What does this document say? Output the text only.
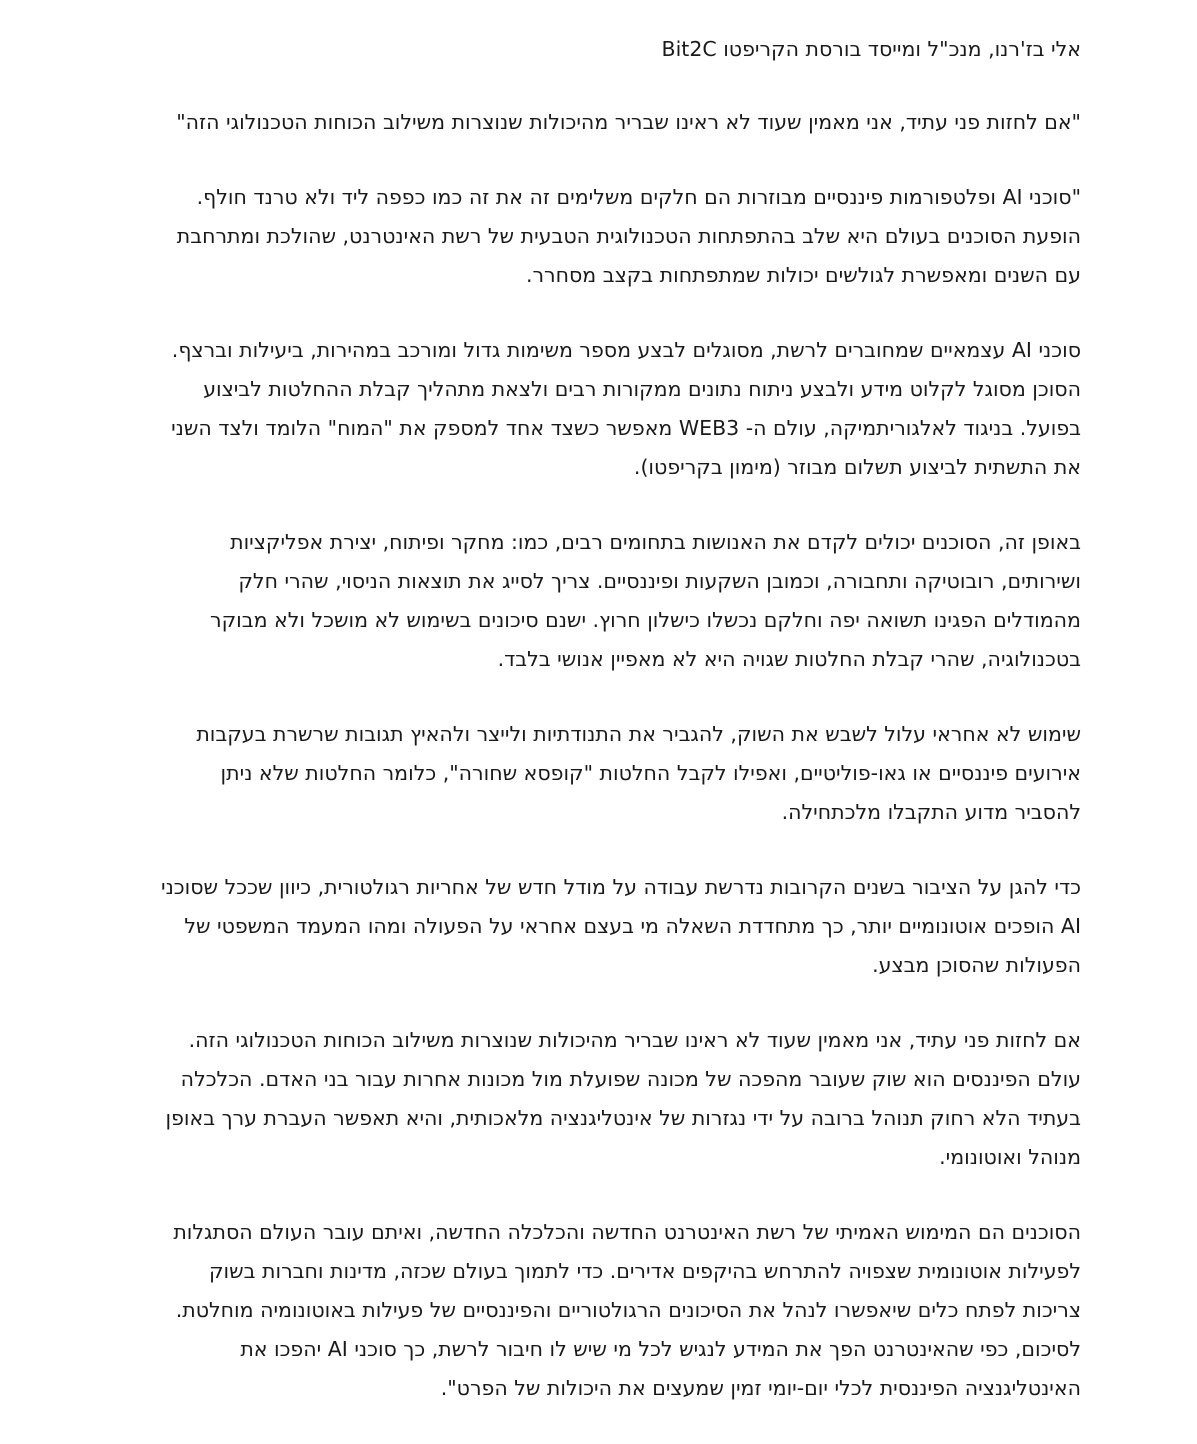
אלי בז'רנו, מנכ"ל ומייסד בורסת הקריפטו Bit2C

"אם לחזות פני עתיד, אני מאמין שעוד לא ראינו שבריר מהיכולות שנוצרות משילוב הכוחות הטכנולוגי הזה"

"סוכני AI ופלטפורמות פיננסיים מבוזרות הם חלקים משלימים זה את זה כמו כפפה ליד ולא טרנד חולף. הופעת הסוכנים בעולם היא שלב בהתפתחות הטכנולוגית הטבעית של רשת האינטרנט, שהולכת ומתרחבת עם השנים ומאפשרת לגולשים יכולות שמתפתחות בקצב מסחרר.

סוכני AI עצמאיים שמחוברים לרשת, מסוגלים לבצע מספר משימות גדול ומורכב במהירות, ביעילות וברצף. הסוכן מסוגל לקלוט מידע ולבצע ניתוח נתונים ממקורות רבים ולצאת מתהליך קבלת ההחלטות לביצוע בפועל. בניגוד לאלגוריתמיקה, עולם ה- WEB3 מאפשר כשצד אחד למספק את "המוח" הלומד ולצד השני את התשתית לביצוע תשלום מבוזר (מימון בקריפטו).

באופן זה, הסוכנים יכולים לקדם את האנושות בתחומים רבים, כמו: מחקר ופיתוח, יצירת אפליקציות ושירותים, רובוטיקה ותחבורה, וכמובן השקעות ופיננסיים. צריך לסייג את תוצאות הניסוי, שהרי חלק מהמודלים הפגינו תשואה יפה וחלקם נכשלו כישלון חרוץ. ישנם סיכונים בשימוש לא מושכל ולא מבוקר בטכנולוגיה, שהרי קבלת החלטות שגויה היא לא מאפיין אנושי בלבד.

שימוש לא אחראי עלול לשבש את השוק, להגביר את התנודתיות ולייצר ולהאיץ תגובות שרשרת בעקבות אירועים פיננסיים או גאו-פוליטיים, ואפילו לקבל החלטות "קופסא שחורה", כלומר החלטות שלא ניתן להסביר מדוע התקבלו מלכתחילה.

כדי להגן על הציבור בשנים הקרובות נדרשת עבודה על מודל חדש של אחריות רגולטורית, כיוון שככל שסוכני AI הופכים אוטונומיים יותר, כך מתחדדת השאלה מי בעצם אחראי על הפעולה ומהו המעמד המשפטי של הפעולות שהסוכן מבצע.

אם לחזות פני עתיד, אני מאמין שעוד לא ראינו שבריר מהיכולות שנוצרות משילוב הכוחות הטכנולוגי הזה. עולם הפיננסים הוא שוק שעובר מהפכה של מכונה שפועלת מול מכונות אחרות עבור בני האדם. הכלכלה בעתיד הלא רחוק תנוהל ברובה על ידי נגזרות של אינטליגנציה מלאכותית, והיא תאפשר העברת ערך באופן מנוהל ואוטונומי.

הסוכנים הם המימוש האמיתי של רשת האינטרנט החדשה והכלכלה החדשה, ואיתם עובר העולם הסתגלות לפעילות אוטונומית שצפויה להתרחש בהיקפים אדירים. כדי לתמוך בעולם שכזה, מדינות וחברות בשוק צריכות לפתח כלים שיאפשרו לנהל את הסיכונים הרגולטוריים והפיננסיים של פעילות באוטונומיה מוחלטת. לסיכום, כפי שהאינטרנט הפך את המידע לנגיש לכל מי שיש לו חיבור לרשת, כך סוכני AI יהפכו את האינטליגנציה הפיננסית לכלי יום-יומי זמין שמעצים את היכולות של הפרט".
